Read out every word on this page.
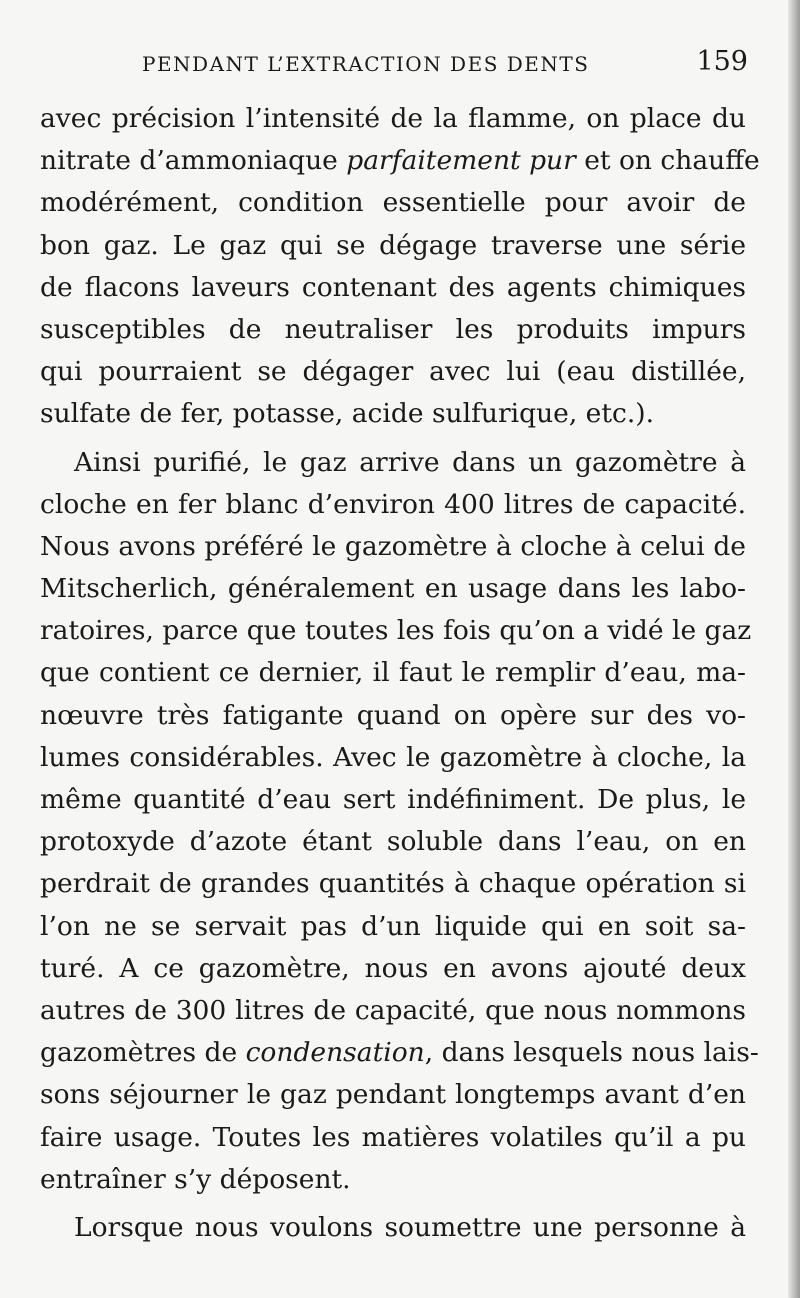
PENDANT L’EXTRACTION DES DENTS	159
avec précision l’intensité de la flamme, on place du
nitrate d’ammoniaque parfaitement pur et on chauffe
modérément, condition essentielle pour avoir de
bon gaz. Le gaz qui se dégage traverse une série
de flacons laveurs contenant des agents chimiques
susceptibles de neutraliser les produits impurs
qui pourraient se dégager avec lui (eau distillée,
sulfate de fer, potasse, acide sulfurique, etc.).
Ainsi purifié, le gaz arrive dans un gazomètre à
cloche en fer blanc d’environ 400 litres de capacité.
Nous avons préféré le gazomètre à cloche à celui de
Mitscherlich, généralement en usage dans les labo-
ratoires, parce que toutes les fois qu’on a vidé le gaz
que contient ce dernier, il faut le remplir d’eau, ma-
nœuvre très fatigante quand on opère sur des vo-
lumes considérables. Avec le gazomètre à cloche, la
même quantité d’eau sert indéfiniment. De plus, le
protoxyde d’azote étant soluble dans l’eau, on en
perdrait de grandes quantités à chaque opération si
l’on ne se servait pas d’un liquide qui en soit sa-
turé. A ce gazomètre, nous en avons ajouté deux
autres de 300 litres de capacité, que nous nommons
gazomètres de condensation, dans lesquels nous lais-
sons séjourner le gaz pendant longtemps avant d’en
faire usage. Toutes les matières volatiles qu’il a pu
entraîner s’y déposent.
Lorsque nous voulons soumettre une personne à
